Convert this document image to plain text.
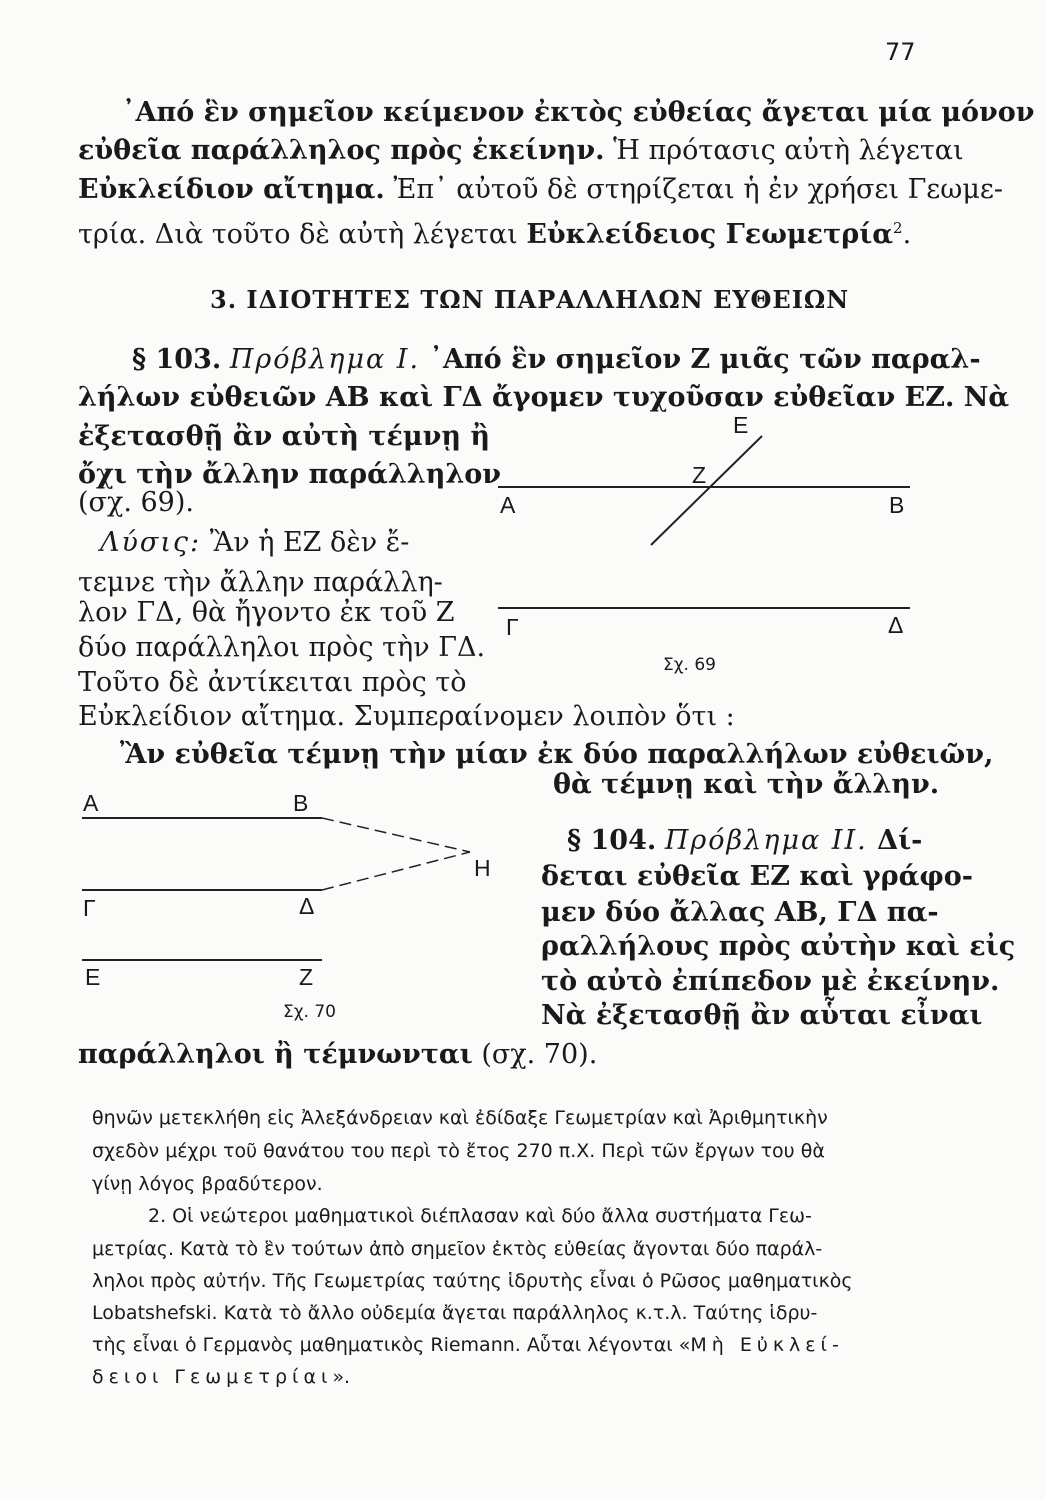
77
᾿Από ἓν σημεῖον κείμενον ἐκτὸς εὐθείας ἄγεται μία μόνον
εὐθεῖα παράλληλος πρὸς ἐκείνην. Ἡ πρότασις αὐτὴ λέγεται
Εὐκλείδιον αἴτημα. Ἐπ᾿ αὐτοῦ δὲ στηρίζεται ἡ ἐν χρήσει Γεωμε-
τρία. Διὰ τοῦτο δὲ αὐτὴ λέγεται Εὐκλείδειος Γεωμετρία$^2$.
3. ΙΔΙΟΤΗΤΕΣ ΤΩΝ ΠΑΡΑΛΛΗΛΩΝ ΕΥΘΕΙΩΝ
§ 103. Πρόβλημα Ι. ᾿Από ἓν σημεῖον Ζ μιᾶς τῶν παραλ-
λήλων εὐθειῶν ΑΒ καὶ ΓΔ ἄγομεν τυχοῦσαν εὐθεῖαν ΕΖ. Νὰ
ἐξετασθῇ ἂν αὐτὴ τέμνῃ ἢ
ὄχι τὴν ἄλλην παράλληλον
(σχ. 69).
Λύσις: Ἂν ἡ ΕΖ δὲν ἔ-
τεμνε τὴν ἄλλην παράλλη-
λον ΓΔ, θὰ ἤγοντο ἐκ τοῦ Ζ
δύο παράλληλοι πρὸς τὴν ΓΔ.
Τοῦτο δὲ ἀντίκειται πρὸς τὸ
Εὐκλείδιον αἴτημα. Συμπεραίνομεν λοιπὸν ὅτι :
Ἂν εὐθεῖα τέμνῃ τὴν μίαν ἐκ δύο παραλλήλων εὐθειῶν,
θὰ τέμνῃ καὶ τὴν ἄλλην.
Ε
Ζ
Α	Β
Γ	Δ
Σχ. 69
Α	Β
Η
Γ	Δ
Ε	Ζ
Σχ. 70
§ 104. Πρόβλημα ΙΙ. Δί-
δεται εὐθεῖα ΕΖ καὶ γράφο-
μεν δύο ἄλλας ΑΒ, ΓΔ πα-
ραλλήλους πρὸς αὐτὴν καὶ εἰς
τὸ αὐτὸ ἐπίπεδον μὲ ἐκείνην.
Νὰ ἐξετασθῇ ἂν αὗται εἶναι
παράλληλοι ἢ τέμνωνται (σχ. 70).
θηνῶν μετεκλήθη εἰς Ἀλεξάνδρειαν καὶ ἐδίδαξε Γεωμετρίαν καὶ Ἀριθμητικὴν
σχεδὸν μέχρι τοῦ θανάτου του περὶ τὸ ἔτος 270 π.Χ. Περὶ τῶν ἔργων του θὰ
γίνῃ λόγος βραδύτερον.
2. Οἱ νεώτεροι μαθηματικοὶ διέπλασαν καὶ δύο ἄλλα συστήματα Γεω-
μετρίας. Κατὰ τὸ ἓν τούτων ἀπὸ σημεῖον ἐκτὸς εὐθείας ἄγονται δύο παράλ-
ληλοι πρὸς αὐτήν. Τῆς Γεωμετρίας ταύτης ἱδρυτὴς εἶναι ὁ Ρῶσος μαθηματικὸς
Lobatshefski. Κατὰ τὸ ἄλλο οὐδεμία ἄγεται παράλληλος κ.τ.λ. Ταύτης ἱδρυ-
τὴς εἶναι ὁ Γερμανὸς μαθηματικὸς Riemann. Αὗται λέγονται «Μὴ Εὐκλεί-
δειοι Γεωμετρίαι».
